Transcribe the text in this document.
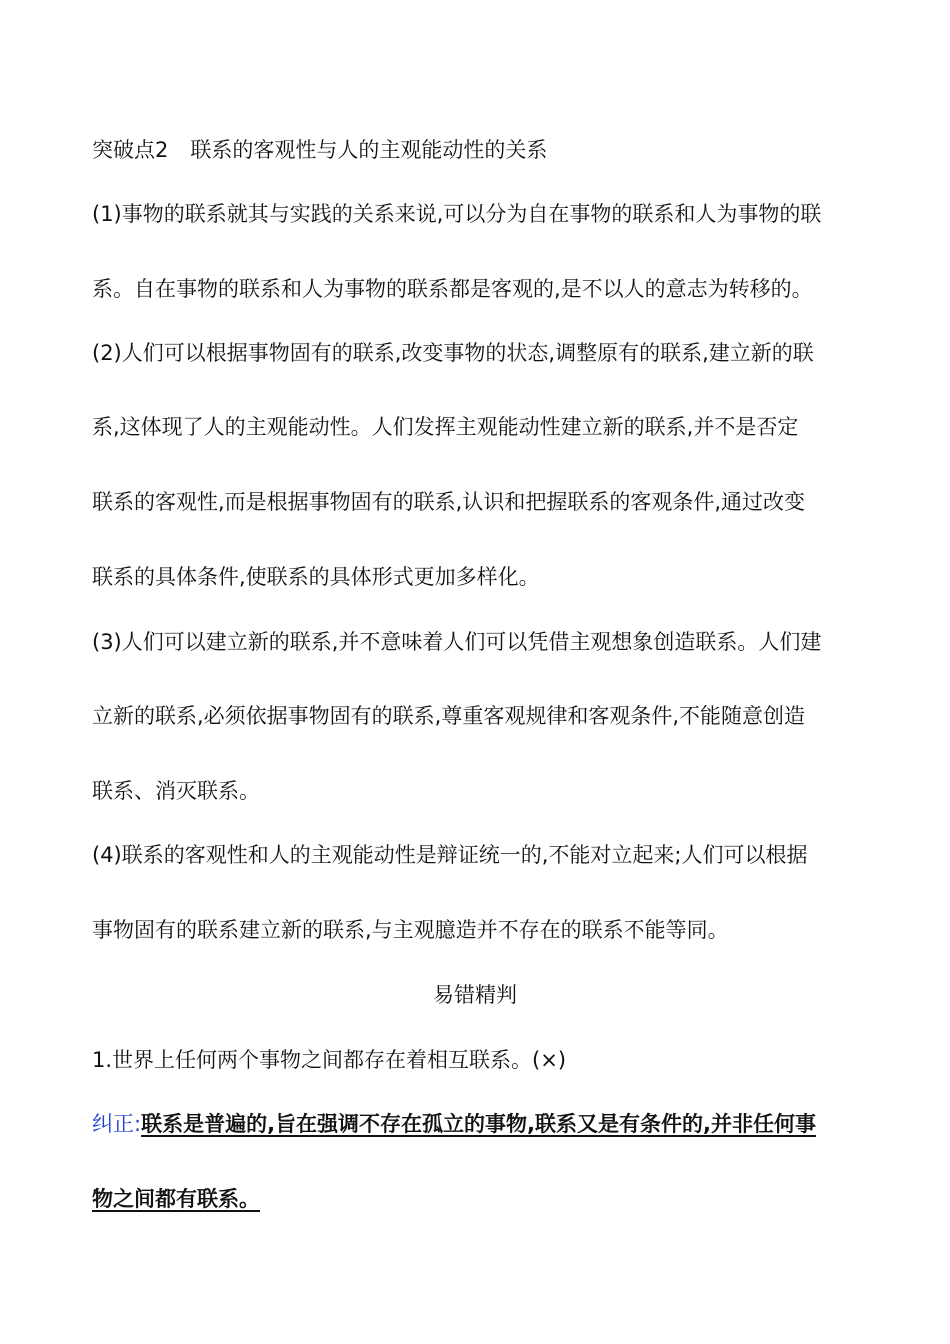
突破点2 联系的客观性与人的主观能动性的关系
(1)事物的联系就其与实践的关系来说,可以分为自在事物的联系和人为事物的联
系。自在事物的联系和人为事物的联系都是客观的,是不以人的意志为转移的。
(2)人们可以根据事物固有的联系,改变事物的状态,调整原有的联系,建立新的联
系,这体现了人的主观能动性。人们发挥主观能动性建立新的联系,并不是否定
联系的客观性,而是根据事物固有的联系,认识和把握联系的客观条件,通过改变
联系的具体条件,使联系的具体形式更加多样化。
(3)人们可以建立新的联系,并不意味着人们可以凭借主观想象创造联系。人们建
立新的联系,必须依据事物固有的联系,尊重客观规律和客观条件,不能随意创造
联系、消灭联系。
(4)联系的客观性和人的主观能动性是辩证统一的,不能对立起来;人们可以根据
事物固有的联系建立新的联系,与主观臆造并不存在的联系不能等同。
易错精判
1.世界上任何两个事物之间都存在着相互联系。(×)
纠正:联系是普遍的,旨在强调不存在孤立的事物,联系又是有条件的,并非任何事
物之间都有联系。
